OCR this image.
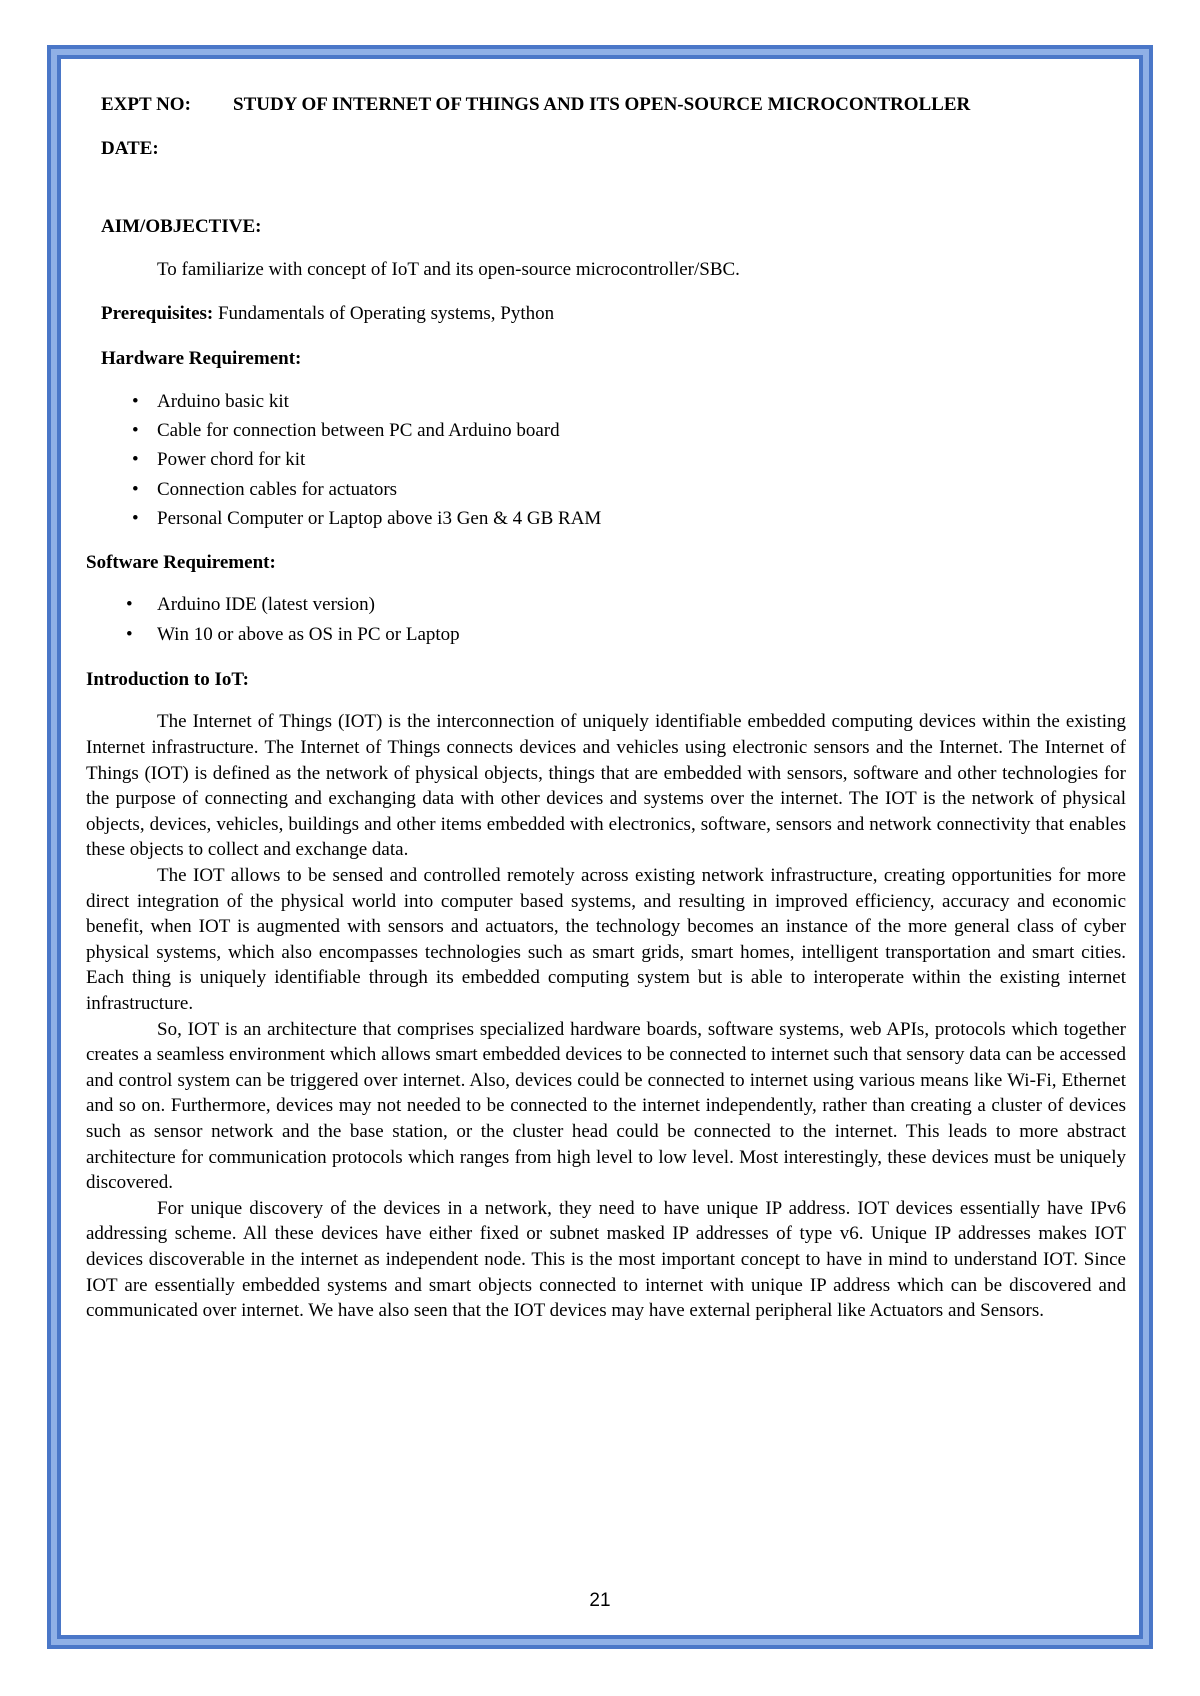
EXPT NO: STUDY OF INTERNET OF THINGS AND ITS OPEN-SOURCE MICROCONTROLLER
DATE:
AIM/OBJECTIVE:
To familiarize with concept of IoT and its open-source microcontroller/SBC.
Prerequisites: Fundamentals of Operating systems, Python
Hardware Requirement:
• Arduino basic kit
• Cable for connection between PC and Arduino board
• Power chord for kit
• Connection cables for actuators
• Personal Computer or Laptop above i3 Gen & 4 GB RAM
Software Requirement:
• Arduino IDE (latest version)
• Win 10 or above as OS in PC or Laptop
Introduction to IoT:

The Internet of Things (IOT) is the interconnection of uniquely identifiable embedded computing devices within the existing Internet infrastructure. The Internet of Things connects devices and vehicles using electronic sensors and the Internet. The Internet of Things (IOT) is defined as the network of physical objects, things that are embedded with sensors, software and other technologies for the purpose of connecting and exchanging data with other devices and systems over the internet. The IOT is the network of physical objects, devices, vehicles, buildings and other items embedded with electronics, software, sensors and network connectivity that enables these objects to collect and exchange data.

The IOT allows to be sensed and controlled remotely across existing network infrastructure, creating opportunities for more direct integration of the physical world into computer based systems, and resulting in improved efficiency, accuracy and economic benefit, when IOT is augmented with sensors and actuators, the technology becomes an instance of the more general class of cyber physical systems, which also encompasses technologies such as smart grids, smart homes, intelligent transportation and smart cities. Each thing is uniquely identifiable through its embedded computing system but is able to interoperate within the existing internet infrastructure.

So, IOT is an architecture that comprises specialized hardware boards, software systems, web APIs, protocols which together creates a seamless environment which allows smart embedded devices to be connected to internet such that sensory data can be accessed and control system can be triggered over internet. Also, devices could be connected to internet using various means like Wi-Fi, Ethernet and so on. Furthermore, devices may not needed to be connected to the internet independently, rather than creating a cluster of devices such as sensor network and the base station, or the cluster head could be connected to the internet. This leads to more abstract architecture for communication protocols which ranges from high level to low level. Most interestingly, these devices must be uniquely discovered.

For unique discovery of the devices in a network, they need to have unique IP address. IOT devices essentially have IPv6 addressing scheme. All these devices have either fixed or subnet masked IP addresses of type v6. Unique IP addresses makes IOT devices discoverable in the internet as independent node. This is the most important concept to have in mind to understand IOT. Since IOT are essentially embedded systems and smart objects connected to internet with unique IP address which can be discovered and communicated over internet. We have also seen that the IOT devices may have external peripheral like Actuators and Sensors.

21
